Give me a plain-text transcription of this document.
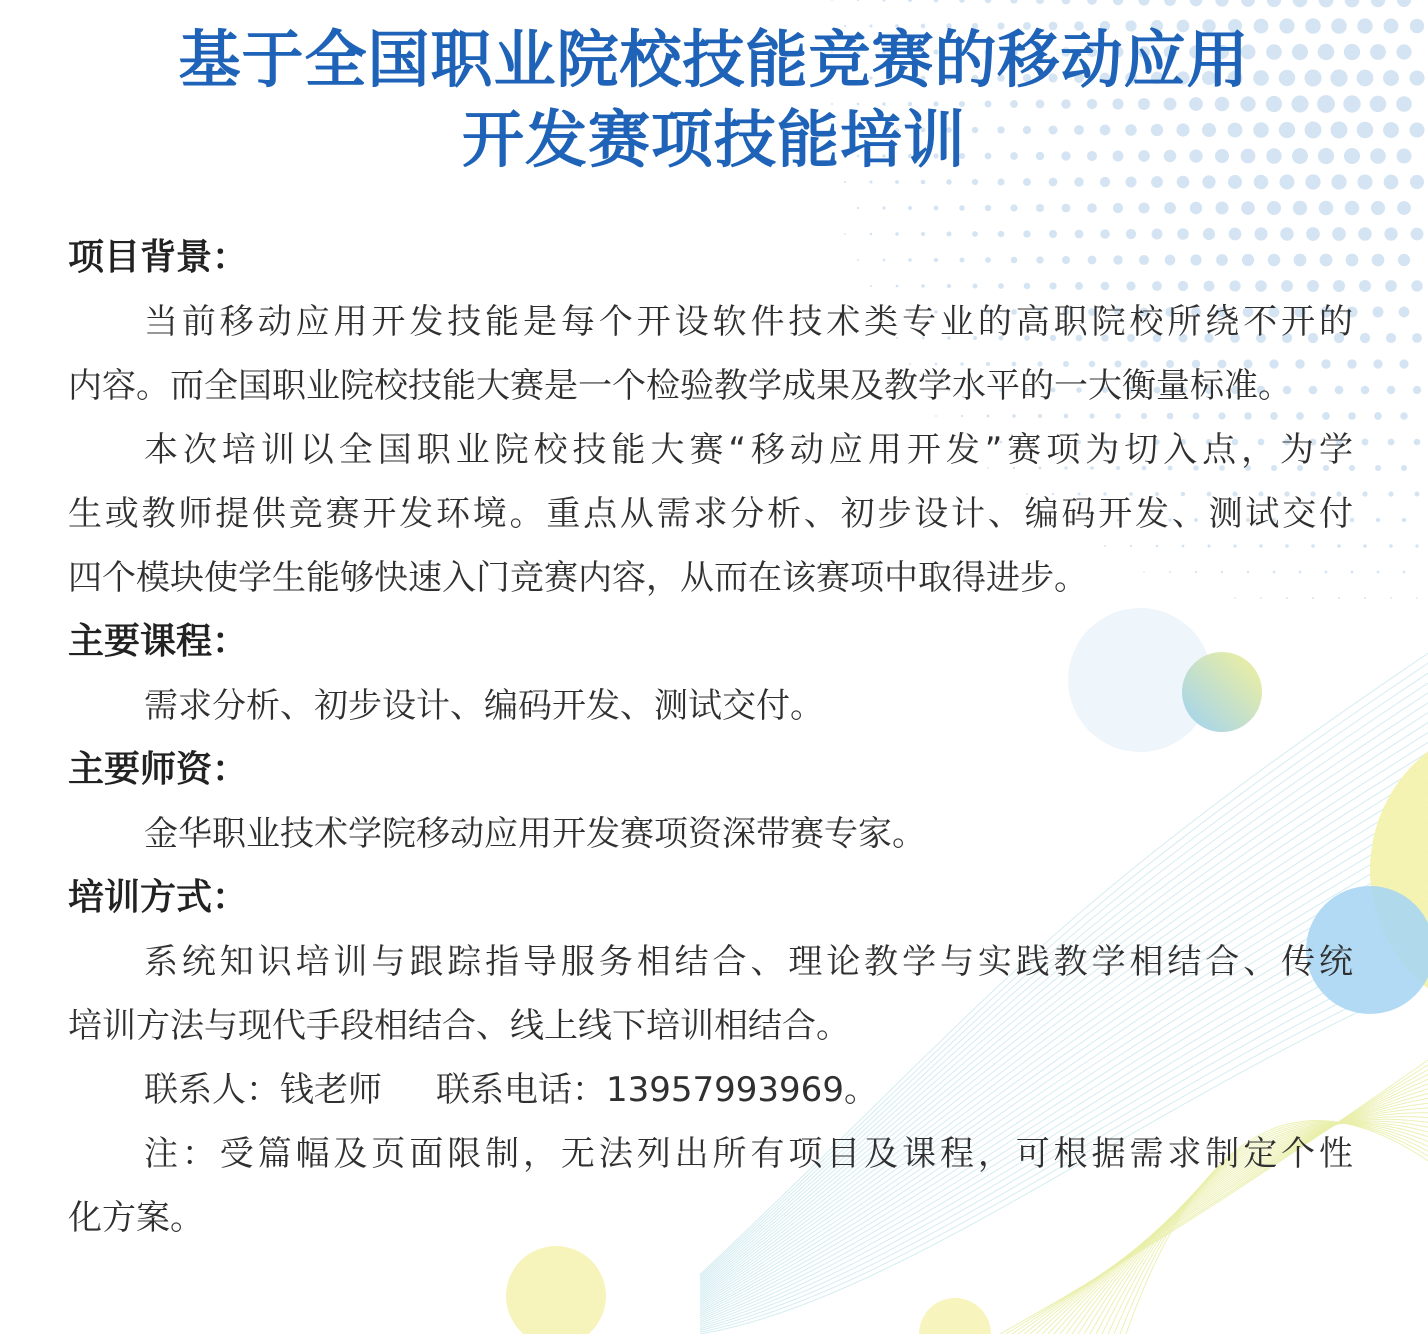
基于全国职业院校技能竞赛的移动应用
开发赛项技能培训
项目背景：
当前移动应用开发技能是每个开设软件技术类专业的高职院校所绕不开的
内容。而全国职业院校技能大赛是一个检验教学成果及教学水平的一大衡量标准。
本次培训以全国职业院校技能大赛“移动应用开发”赛项为切入点，为学
生或教师提供竞赛开发环境。重点从需求分析、初步设计、编码开发、测试交付
四个模块使学生能够快速入门竞赛内容，从而在该赛项中取得进步。
主要课程：
需求分析、初步设计、编码开发、测试交付。
主要师资：
金华职业技术学院移动应用开发赛项资深带赛专家。
培训方式：
系统知识培训与跟踪指导服务相结合、理论教学与实践教学相结合、传统
培训方法与现代手段相结合、线上线下培训相结合。
联系人：钱老师 联系电话：13957993969。
注：受篇幅及页面限制，无法列出所有项目及课程，可根据需求制定个性
化方案。
